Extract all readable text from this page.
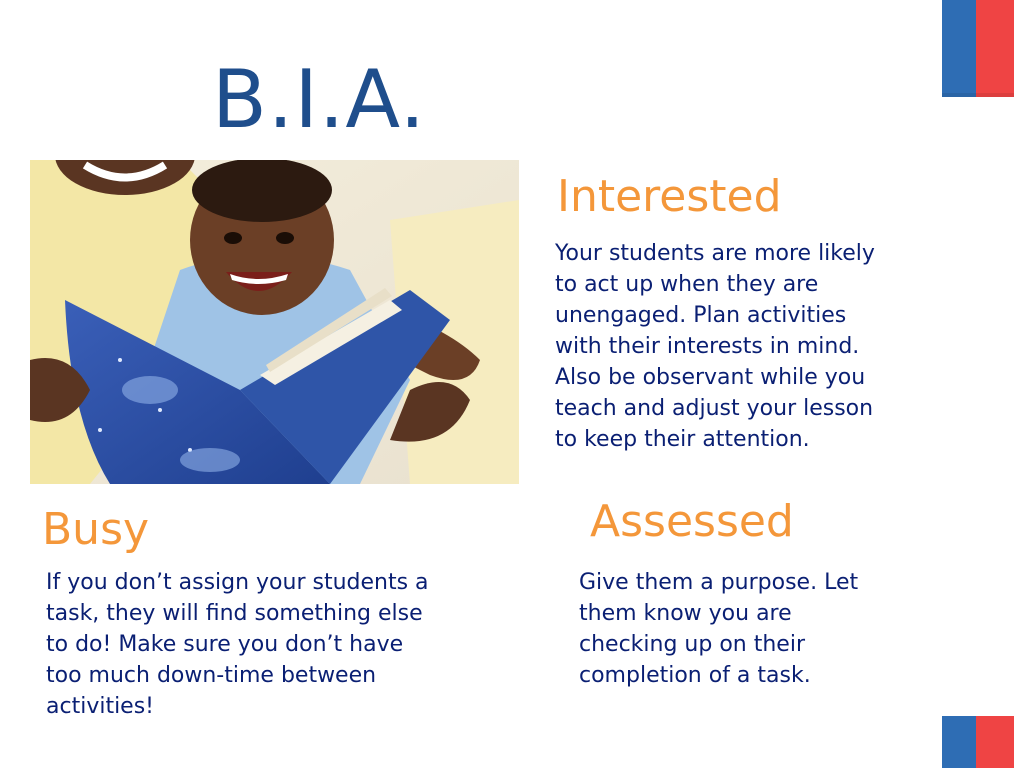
B.I.A.
Interested
Your students are more likely
to act up when they are
unengaged. Plan activities
with their interests in mind.
Also be observant while you
teach and adjust your lesson
to keep their attention.
Busy
If you don’t assign your students a
task, they will find something else
to do! Make sure you don’t have
too much down-time between
activities!
Assessed
Give them a purpose. Let
them know you are
checking up on their
completion of a task.
